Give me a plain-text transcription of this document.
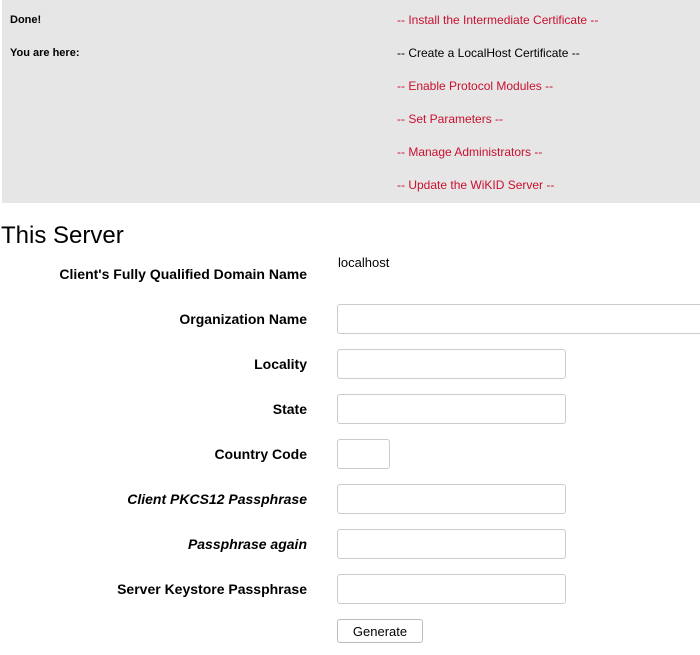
Done!
You are here:
-- Install the Intermediate Certificate --
-- Create a LocalHost Certificate --
-- Enable Protocol Modules --
-- Set Parameters --
-- Manage Administrators --
-- Update the WiKID Server --
This Server
Client's Fully Qualified Domain Name
localhost
Organization Name
Locality
State
Country Code
Client PKCS12 Passphrase
Passphrase again
Server Keystore Passphrase
Generate
